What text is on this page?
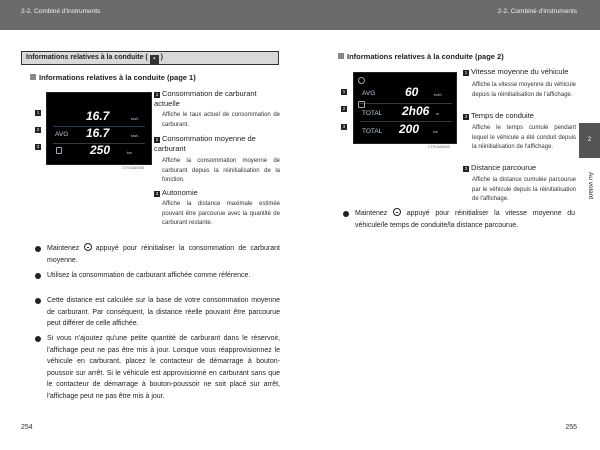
2-2. Combiné d'instruments	2-2. Combiné d'instruments
Informations relatives à la conduite ( ▪ )
Informations relatives à la conduite (page 1)
1
2
3
16.7	km/L
AVG 16.7	km/L
250	km
CTH13AN008
1 Consommation de carburant actuelle
Affiche le taux actuel de consommation de carburant.
2 Consommation moyenne de carburant
Affiche la consommation moyenne de carburant depuis la réinitialisation de la fonction.
3 Autonomie
Affiche la distance maximale estimée pouvant être parcourue avec la quantité de carburant restante.
Maintenez appuyé pour réinitialiser la consommation de carburant moyenne.
Utilisez la consommation de carburant affichée comme référence.
Cette distance est calculée sur la base de votre consommation moyenne de carburant. Par conséquent, la distance réelle pouvant être parcourue peut différer de celle affichée.
Si vous n'ajoutez qu'une petite quantité de carburant dans le réservoir, l'affichage peut ne pas être mis à jour. Lorsque vous réapprovisionnez le véhicule en carburant, placez le contacteur de démarrage à bouton-poussoir sur arrêt. Si le véhicule est approvisionné en carburant sans que le contacteur de démarrage à bouton-poussoir ne soit placé sur arrêt, l'affichage peut ne pas être mis à jour.
254
Informations relatives à la conduite (page 2)
1
2
3
AVG 60	km/h
TOTAL 2h06 m
TOTAL 200	km
CTH13AN009
1 Vitesse moyenne du véhicule
Affiche la vitesse moyenne du véhicule depuis la réinitialisation de l'affichage.
2 Temps de conduite
Affiche le temps cumulé pendant lequel le véhicule a été conduit depuis la réinitialisation de l'affichage.
3 Distance parcourue
Affiche la distance cumulée parcourue par le véhicule depuis la réinitialisation de l'affichage.
Maintenez	appuyé pour réinitialiser la vitesse moyenne du véhicule/le temps de conduite/la distance parcourue.
2
Au volant
255
